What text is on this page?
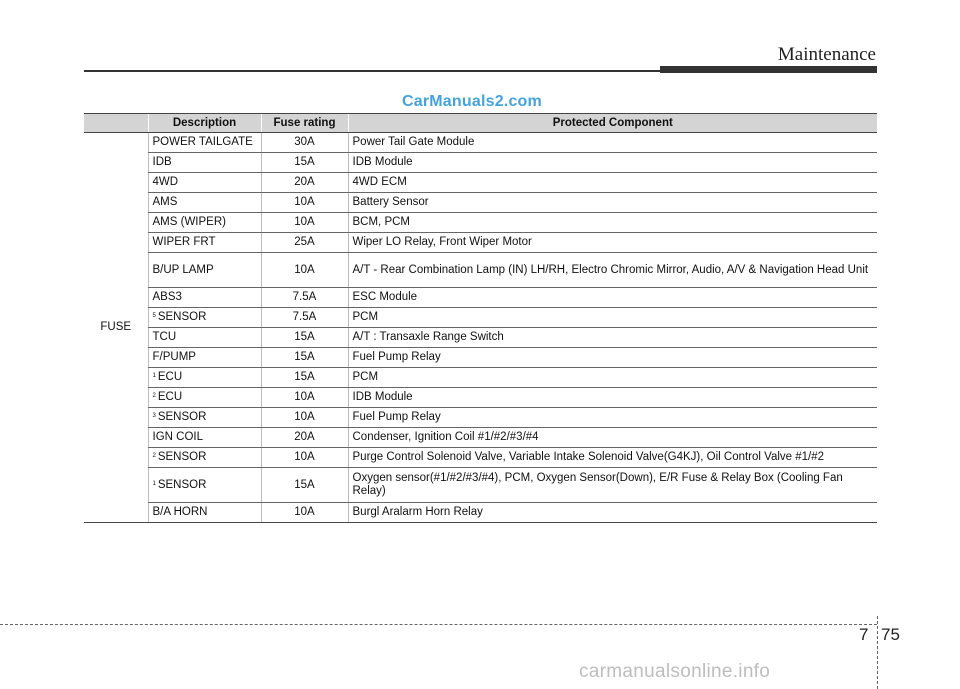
Maintenance
CarManuals2.com
	Description	Fuse rating	Protected Component
FUSE	POWER TAILGATE	30A	Power Tail Gate Module
	IDB	15A	IDB Module
	4WD	20A	4WD ECM
	AMS	10A	Battery Sensor
	AMS (WIPER)	10A	BCM, PCM
	WIPER FRT	25A	Wiper LO Relay, Front Wiper Motor
	B/UP LAMP	10A	A/T - Rear Combination Lamp (IN) LH/RH, Electro Chromic Mirror, Audio, A/V & Navigation Head Unit
	ABS3	7.5A	ESC Module
	$^5$ SENSOR	7.5A	PCM
	TCU	15A	A/T : Transaxle Range Switch
	F/PUMP	15A	Fuel Pump Relay
	$^1$ ECU	15A	PCM
	$^2$ ECU	10A	IDB Module
	$^3$ SENSOR	10A	Fuel Pump Relay
	IGN COIL	20A	Condenser, Ignition Coil #1/#2/#3/#4
	$^2$ SENSOR	10A	Purge Control Solenoid Valve, Variable Intake Solenoid Valve(G4KJ), Oil Control Valve #1/#2
	$^1$ SENSOR	15A	Oxygen sensor(#1/#2/#3/#4), PCM, Oxygen Sensor(Down), E/R Fuse & Relay Box (Cooling Fan Relay)
	B/A HORN	10A	Burgl Aralarm Horn Relay
7 75
carmanualsonline.info
